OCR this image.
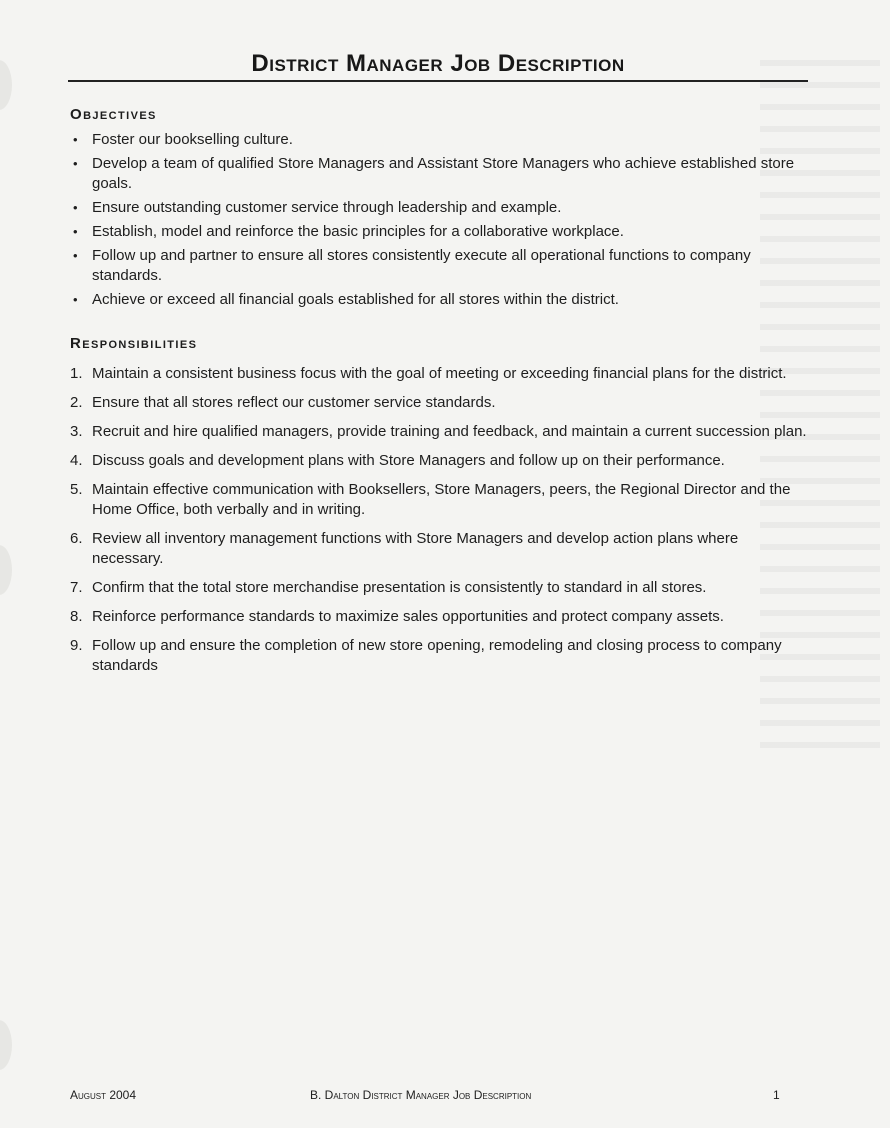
District Manager Job Description
Objectives
• Foster our bookselling culture.
• Develop a team of qualified Store Managers and Assistant Store Managers who achieve established store goals.
• Ensure outstanding customer service through leadership and example.
• Establish, model and reinforce the basic principles for a collaborative workplace.
• Follow up and partner to ensure all stores consistently execute all operational functions to company standards.
• Achieve or exceed all financial goals established for all stores within the district.
Responsibilities
1. Maintain a consistent business focus with the goal of meeting or exceeding financial plans for the district.
2. Ensure that all stores reflect our customer service standards.
3. Recruit and hire qualified managers, provide training and feedback, and maintain a current succession plan.
4. Discuss goals and development plans with Store Managers and follow up on their performance.
5. Maintain effective communication with Booksellers, Store Managers, peers, the Regional Director and the Home Office, both verbally and in writing.
6. Review all inventory management functions with Store Managers and develop action plans where necessary.
7. Confirm that the total store merchandise presentation is consistently to standard in all stores.
8. Reinforce performance standards to maximize sales opportunities and protect company assets.
9. Follow up and ensure the completion of new store opening, remodeling and closing process to company standards
August 2004	B. Dalton District Manager Job Description	1
